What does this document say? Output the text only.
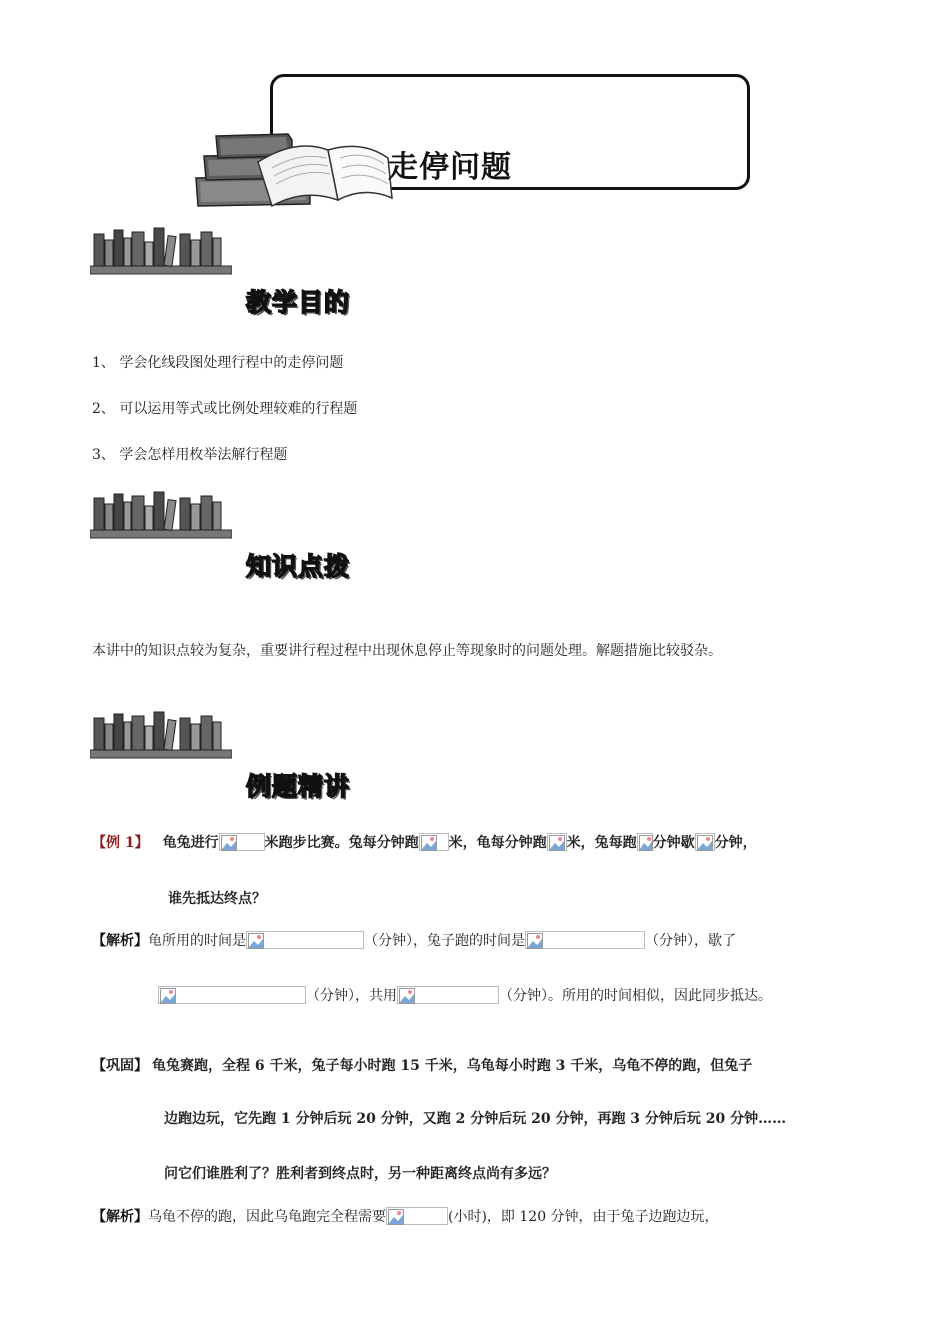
走停问题
教学目的
1、 学会化线段图处理行程中的走停问题
2、 可以运用等式或比例处理较难的行程题
3、 学会怎样用枚举法解行程题
知识点拨
本讲中的知识点较为复杂，重要讲行程过程中出现休息停止等现象时的问题处理。解题措施比较驳杂。
例题精讲
【例 1】 龟兔进行	米跑步比赛。兔每分钟跑 米，龟每分钟跑 米，兔每跑 分钟歇 分钟，
谁先抵达终点？
【解析】 龟所用的时间是	（分钟），兔子跑的时间是	（分钟），歇了
（分钟），共用	（分钟）。所用的时间相似，因此同步抵达。
【巩固】 龟兔赛跑，全程 6 千米，兔子每小时跑 15 千米，乌龟每小时跑 3 千米，乌龟不停的跑，但兔子
边跑边玩，它先跑 1 分钟后玩 20 分钟，又跑 2 分钟后玩 20 分钟，再跑 3 分钟后玩 20 分钟……
问它们谁胜利了？胜利者到终点时，另一种距离终点尚有多远？
【解析】 乌龟不停的跑，因此乌龟跑完全程需要	(小时)，即 120 分钟，由于兔子边跑边玩，
